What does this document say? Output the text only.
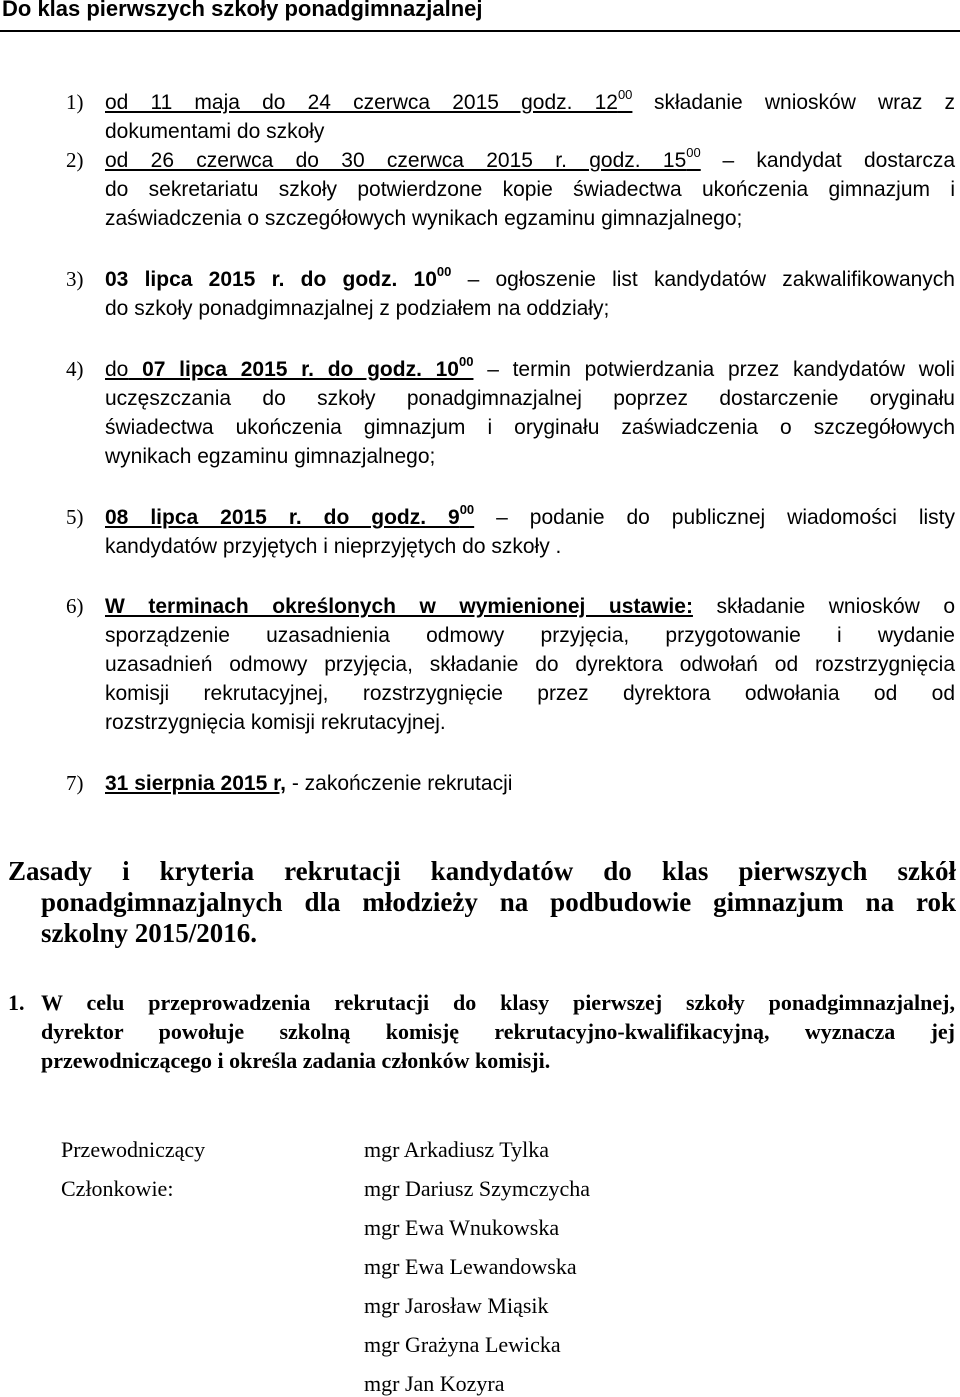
Do klas pierwszych szkoły ponadgimnazjalnej
1) od 11 maja do 24 czerwca 2015 godz. $12^{00}$ składanie wniosków wraz z
dokumentami do szkoły
2) od 26 czerwca do 30 czerwca 2015 r. godz. $15^{00}$ – kandydat dostarcza
do sekretariatu szkoły potwierdzone kopie świadectwa ukończenia gimnazjum i
zaświadczenia o szczegółowych wynikach egzaminu gimnazjalnego;
3) 03 lipca 2015 r. do godz. $10^{00}$ – ogłoszenie list kandydatów zakwalifikowanych
do szkoły ponadgimnazjalnej z podziałem na oddziały;
4) do 07 lipca 2015 r. do godz. $10^{00}$ – termin potwierdzania przez kandydatów woli
uczęszczania do szkoły ponadgimnazjalnej poprzez dostarczenie oryginału
świadectwa ukończenia gimnazjum i oryginału zaświadczenia o szczegółowych
wynikach egzaminu gimnazjalnego;
5) 08 lipca 2015 r. do godz. $9^{00}$ – podanie do publicznej wiadomości listy
kandydatów przyjętych i nieprzyjętych do szkoły .
6) W terminach określonych w wymienionej ustawie: składanie wniosków o
sporządzenie uzasadnienia odmowy przyjęcia, przygotowanie i wydanie
uzasadnień odmowy przyjęcia, składanie do dyrektora odwołań od rozstrzygnięcia
komisji rekrutacyjnej, rozstrzygnięcie przez dyrektora odwołania od od
rozstrzygnięcia komisji rekrutacyjnej.
7) 31 sierpnia 2015 r, - zakończenie rekrutacji
Zasady i kryteria rekrutacji kandydatów do klas pierwszych szkół
ponadgimnazjalnych dla młodzieży na podbudowie gimnazjum na rok
szkolny 2015/2016.
1. W celu przeprowadzenia rekrutacji do klasy pierwszej szkoły ponadgimnazjalnej,
dyrektor powołuje szkolną komisję rekrutacyjno-kwalifikacyjną, wyznacza jej
przewodniczącego i określa zadania członków komisji.
Przewodniczący
Członkowie:
mgr Arkadiusz Tylka
mgr Dariusz Szymczycha
mgr Ewa Wnukowska
mgr Ewa Lewandowska
mgr Jarosław Miąsik
mgr Grażyna Lewicka
mgr Jan Kozyra
